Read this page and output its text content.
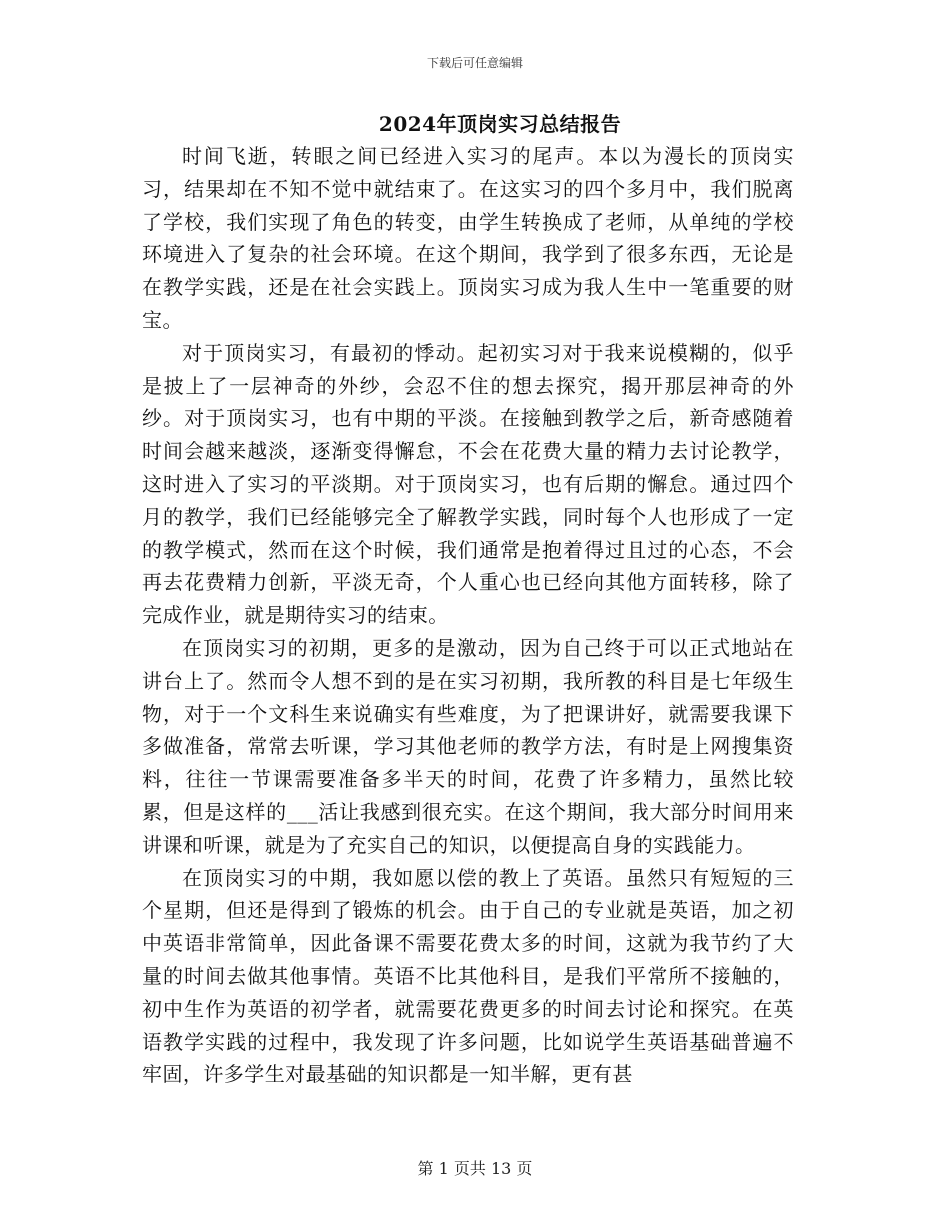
下载后可任意编辑
2024年顶岗实习总结报告

时间飞逝，转眼之间已经进入实习的尾声。本以为漫长的顶岗实习，结果却在不知不觉中就结束了。在这实习的四个多月中，我们脱离了学校，我们实现了角色的转变，由学生转换成了老师，从单纯的学校环境进入了复杂的社会环境。在这个期间，我学到了很多东西，无论是在教学实践，还是在社会实践上。顶岗实习成为我人生中一笔重要的财宝。

对于顶岗实习，有最初的悸动。起初实习对于我来说模糊的，似乎是披上了一层神奇的外纱，会忍不住的想去探究，揭开那层神奇的外纱。对于顶岗实习，也有中期的平淡。在接触到教学之后，新奇感随着时间会越来越淡，逐渐变得懈怠，不会在花费大量的精力去讨论教学，这时进入了实习的平淡期。对于顶岗实习，也有后期的懈怠。通过四个月的教学，我们已经能够完全了解教学实践，同时每个人也形成了一定的教学模式，然而在这个时候，我们通常是抱着得过且过的心态，不会再去花费精力创新，平淡无奇，个人重心也已经向其他方面转移，除了完成作业，就是期待实习的结束。

在顶岗实习的初期，更多的是激动，因为自己终于可以正式地站在讲台上了。然而令人想不到的是在实习初期，我所教的科目是七年级生物，对于一个文科生来说确实有些难度，为了把课讲好，就需要我课下多做准备，常常去听课，学习其他老师的教学方法，有时是上网搜集资料，往往一节课需要准备多半天的时间，花费了许多精力，虽然比较累，但是这样的___活让我感到很充实。在这个期间，我大部分时间用来讲课和听课，就是为了充实自己的知识，以便提高自身的实践能力。

在顶岗实习的中期，我如愿以偿的教上了英语。虽然只有短短的三个星期，但还是得到了锻炼的机会。由于自己的专业就是英语，加之初中英语非常简单，因此备课不需要花费太多的时间，这就为我节约了大量的时间去做其他事情。英语不比其他科目，是我们平常所不接触的，初中生作为英语的初学者，就需要花费更多的时间去讨论和探究。在英语教学实践的过程中，我发现了许多问题，比如说学生英语基础普遍不牢固，许多学生对最基础的知识都是一知半解，更有甚

第 1 页共 13 页
